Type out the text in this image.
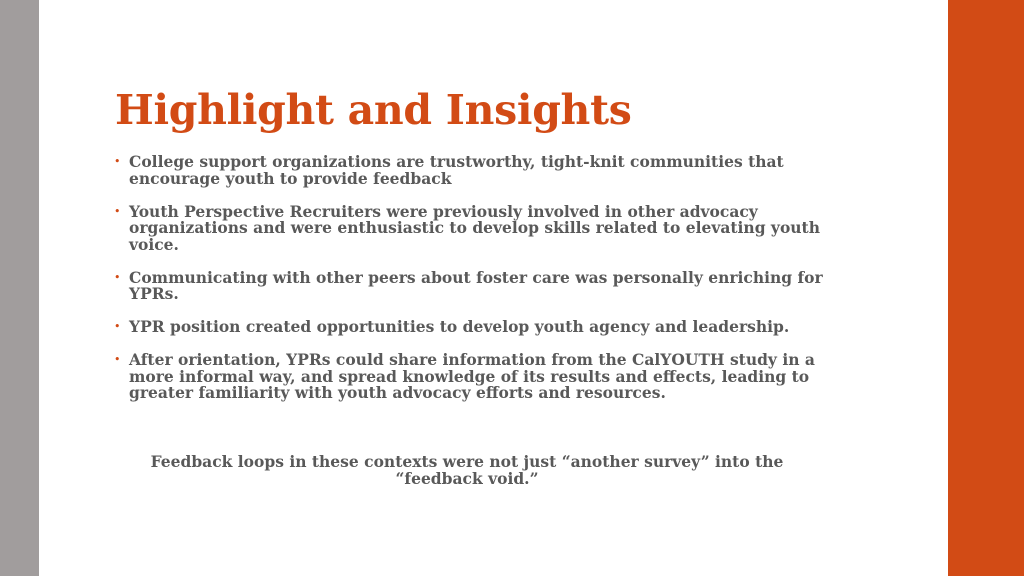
Highlight and Insights
• College support organizations are trustworthy, tight-knit communities that encourage youth to provide feedback
• Youth Perspective Recruiters were previously involved in other advocacy organizations and were enthusiastic to develop skills related to elevating youth voice.
• Communicating with other peers about foster care was personally enriching for YPRs.
• YPR position created opportunities to develop youth agency and leadership.
• After orientation, YPRs could share information from the CalYOUTH study in a more informal way, and spread knowledge of its results and effects, leading to greater familiarity with youth advocacy efforts and resources.

Feedback loops in these contexts were not just “another survey” into the “feedback void.”
